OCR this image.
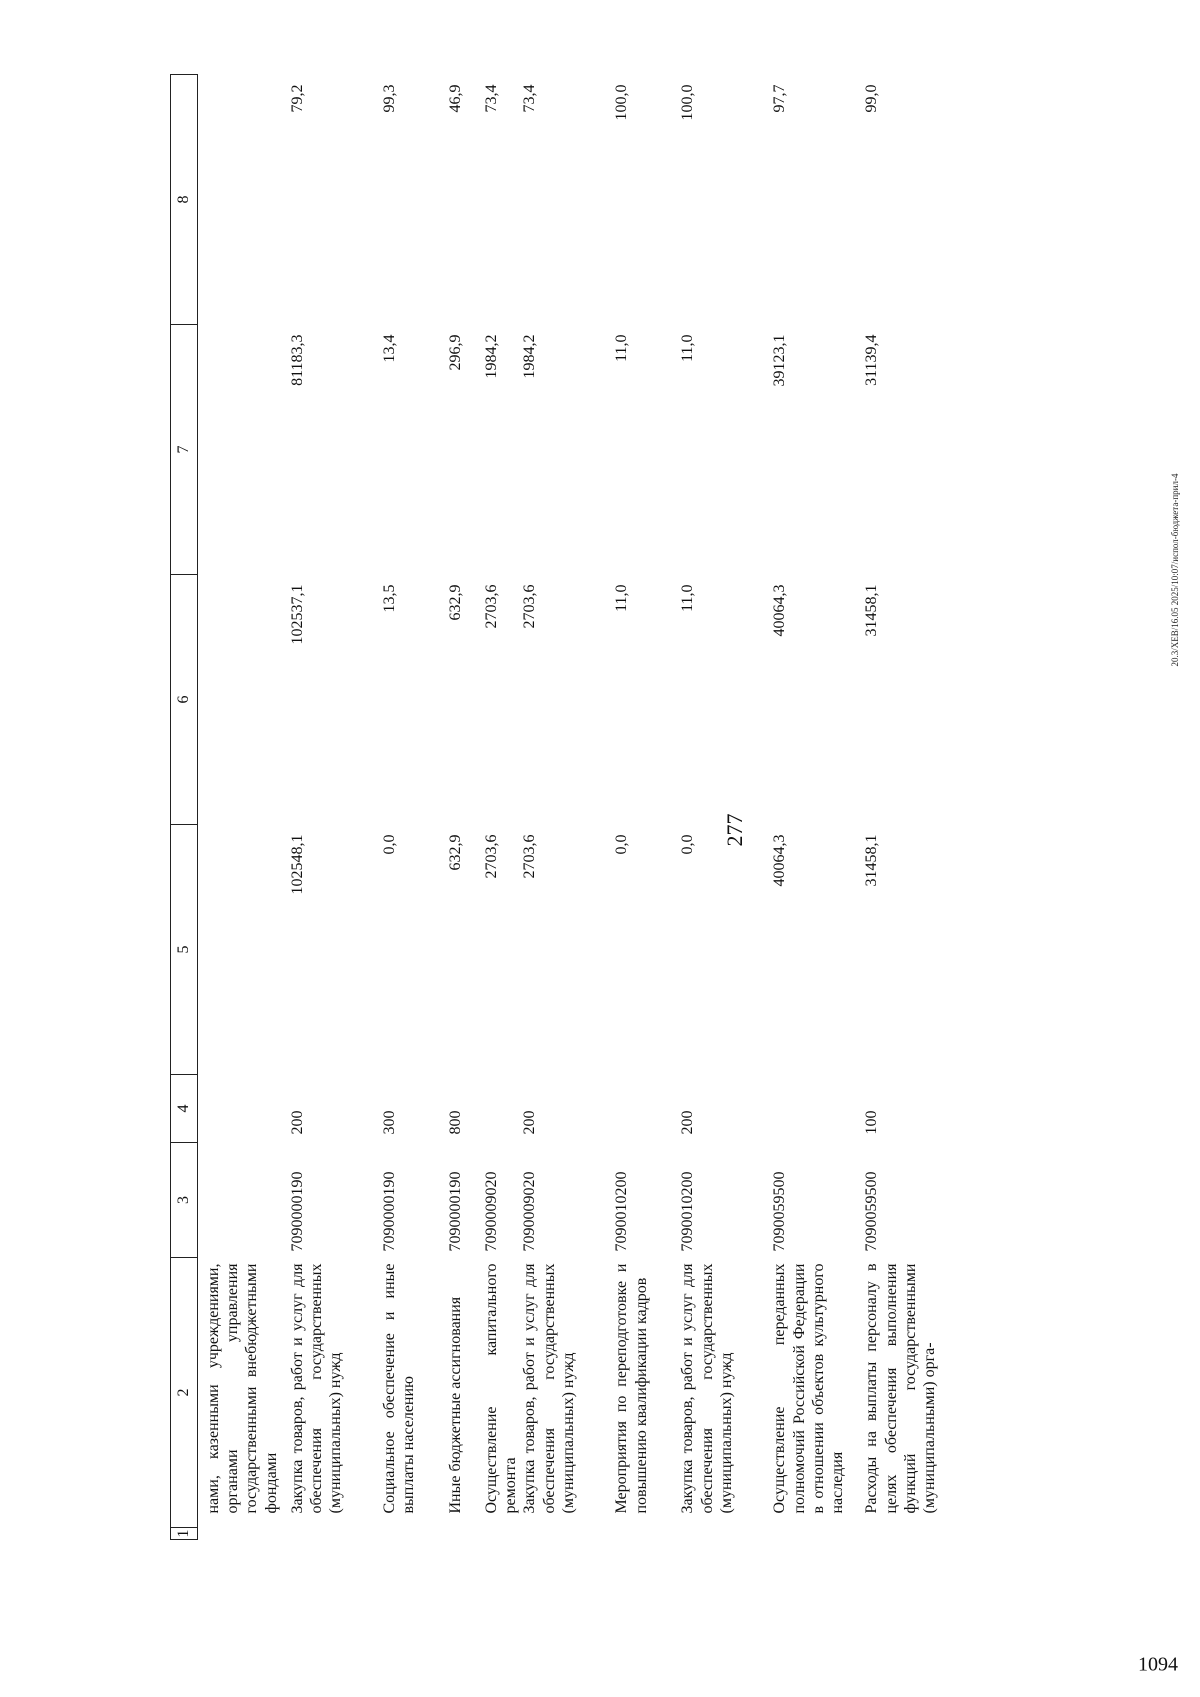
277
1	2	3	4	5	6	7	8
	нами, казенными учреждениями, органами управления государственными внебюджетными фондами						
	Закупка товаров, работ и услуг для обеспечения государственных (муниципальных) нужд	7090000190	200	102548,1	102537,1	81183,3	79,2
	Социальное обеспечение и иные выплаты населению	7090000190	300	0,0	13,5	13,4	99,3
	Иные бюджетные ассигнования	7090000190	800	632,9	632,9	296,9	46,9
	Осуществление капитального ремонта	7090009020		2703,6	2703,6	1984,2	73,4
	Закупка товаров, работ и услуг для обеспечения государственных (муниципальных) нужд	7090009020	200	2703,6	2703,6	1984,2	73,4
	Мероприятия по переподготовке и повышению квалификации кадров	7090010200		0,0	11,0	11,0	100,0
	Закупка товаров, работ и услуг для обеспечения государственных (муниципальных) нужд	7090010200	200	0,0	11,0	11,0	100,0
	Осуществление переданных полномочий Российской Федерации в отношении объектов культурного наследия	7090059500		40064,3	40064,3	39123,1	97,7
	Расходы на выплаты персоналу в целях обеспечения выполнения функций государственными (муниципальными) орга-	7090059500	100	31458,1	31458,1	31139,4	99,0
20.3/XEB/16.05 2025/10:07/испол-бюджета-прил-4
1094
